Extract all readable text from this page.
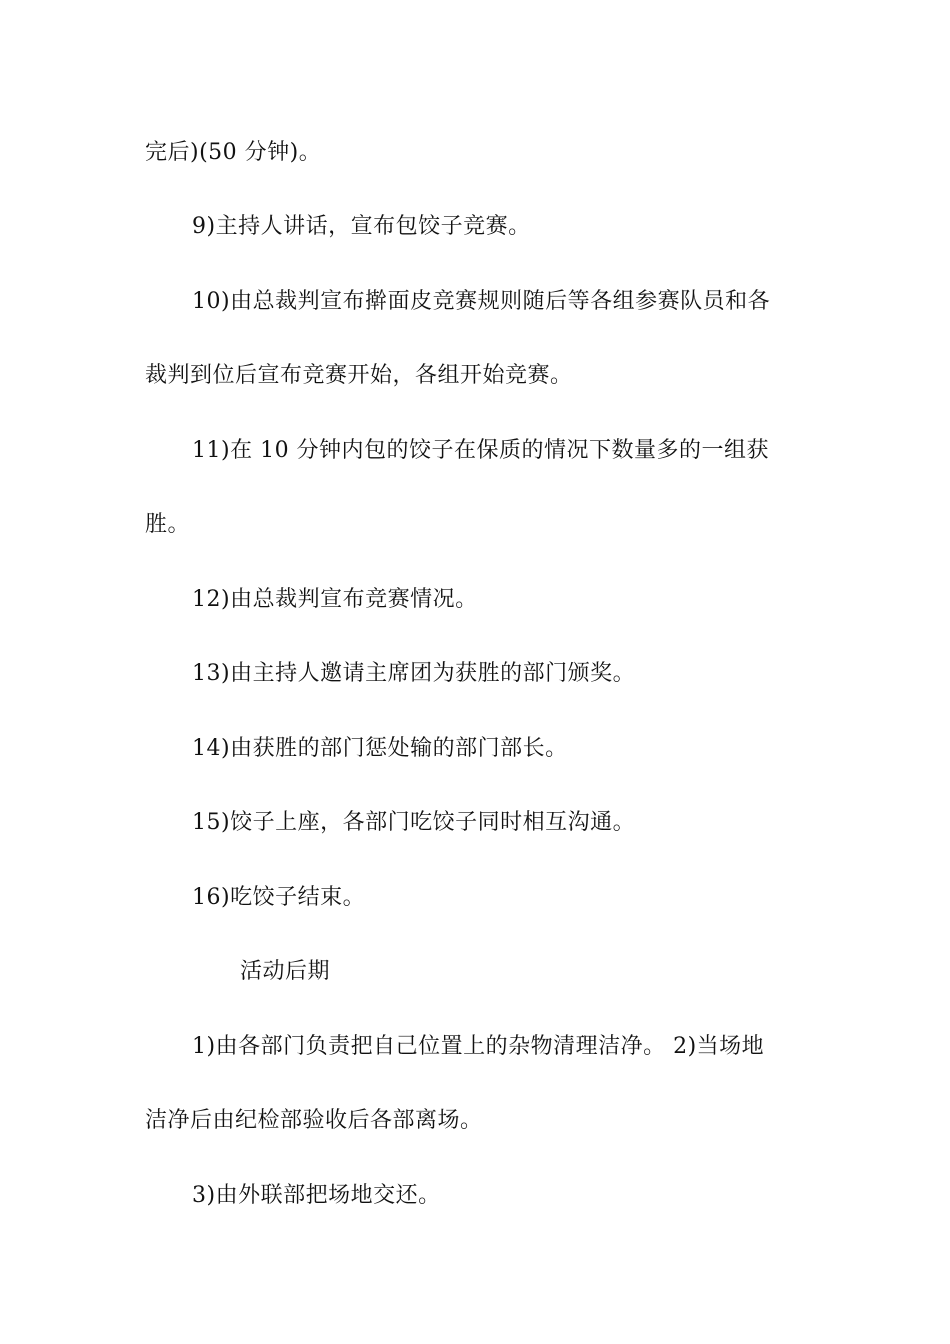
完后)(50 分钟)。
9)主持人讲话，宣布包饺子竞赛。
10)由总裁判宣布擀面皮竞赛规则随后等各组参赛队员和各
裁判到位后宣布竞赛开始，各组开始竞赛。
11)在 10 分钟内包的饺子在保质的情况下数量多的一组获
胜。
12)由总裁判宣布竞赛情况。
13)由主持人邀请主席团为获胜的部门颁奖。
14)由获胜的部门惩处输的部门部长。
15)饺子上座，各部门吃饺子同时相互沟通。
16)吃饺子结束。
活动后期
1)由各部门负责把自己位置上的杂物清理洁净。 2)当场地
洁净后由纪检部验收后各部离场。
3)由外联部把场地交还。
